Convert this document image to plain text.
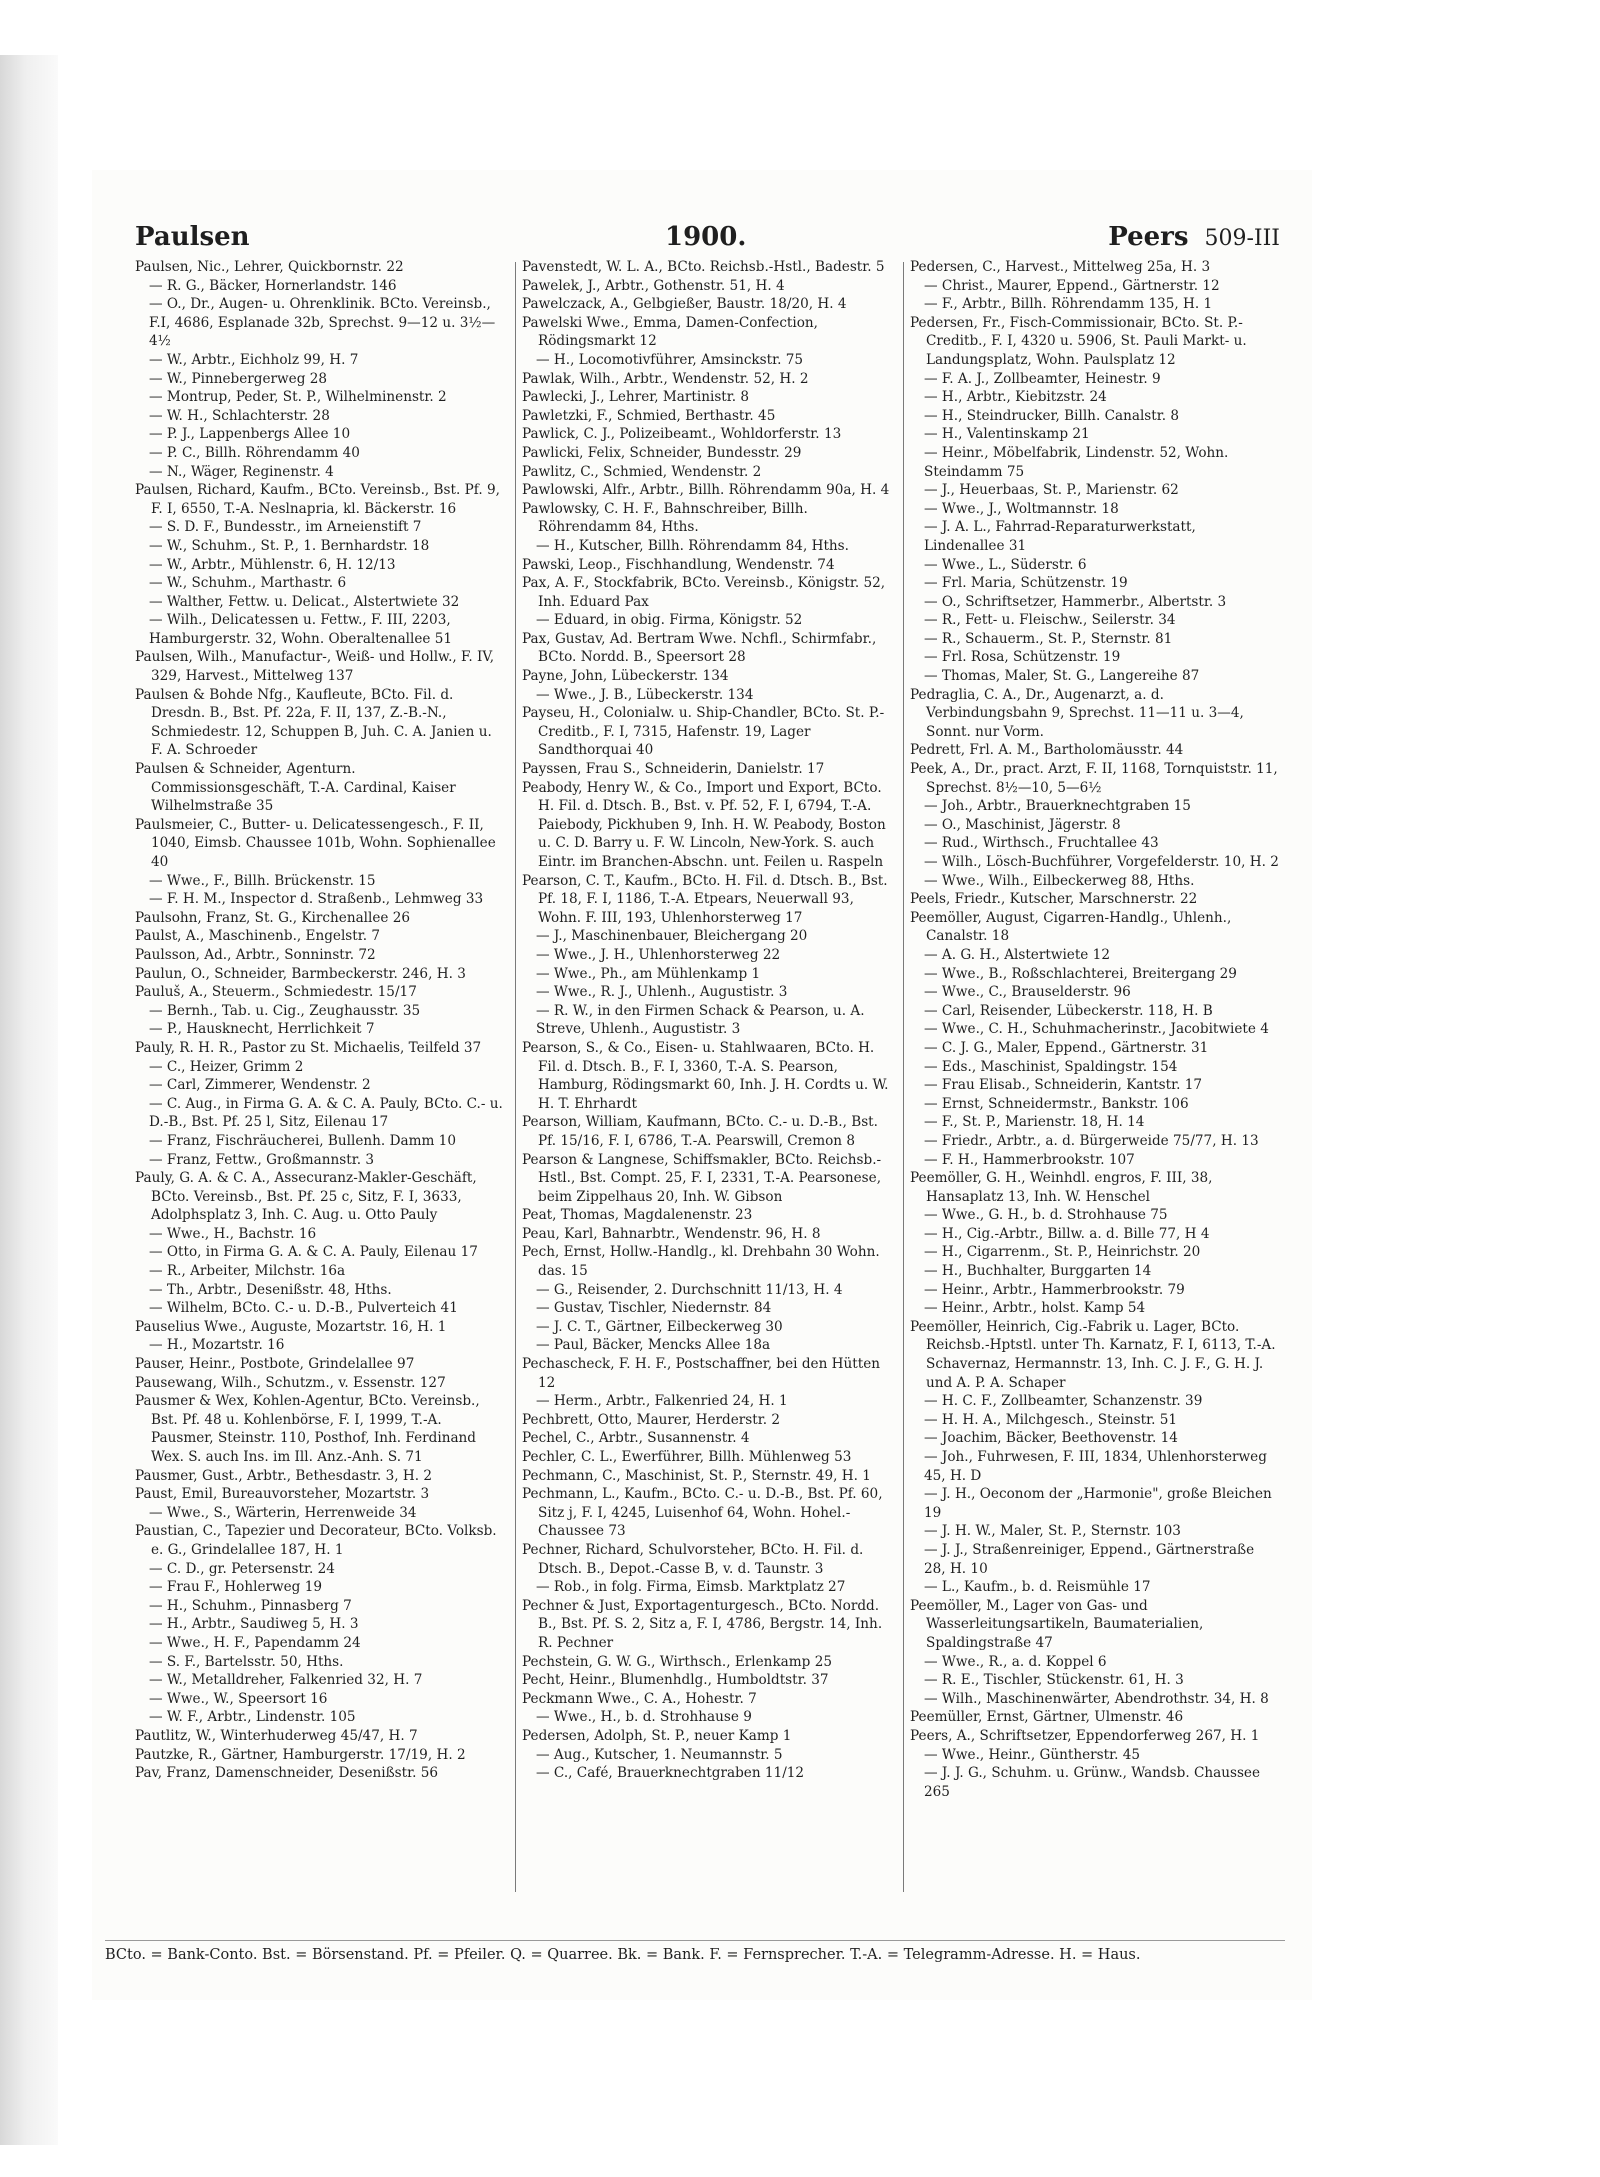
Paulsen	1900.	Peers 509-III

Paulsen, Nic., Lehrer, Quickbornstr. 22

— R. G., Bäcker, Hornerlandstr. 146

— O., Dr., Augen- u. Ohrenklinik. BCto. Vereinsb., F.I, 4686, Esplanade 32b, Sprechst. 9—12 u. 3½—4½

— W., Arbtr., Eichholz 99, H. 7

— W., Pinnebergerweg 28

— Montrup, Peder, St. P., Wilhelminenstr. 2

— W. H., Schlachterstr. 28

— P. J., Lappenbergs Allee 10

— P. C., Billh. Röhrendamm 40

— N., Wäger, Reginenstr. 4

Paulsen, Richard, Kaufm., BCto. Vereinsb., Bst. Pf. 9, F. I, 6550, T.-A. Neslnapria, kl. Bäckerstr. 16

— S. D. F., Bundesstr., im Arneienstift 7

— W., Schuhm., St. P., 1. Bernhardstr. 18

— W., Arbtr., Mühlenstr. 6, H. 12/13

— W., Schuhm., Marthastr. 6

— Walther, Fettw. u. Delicat., Alstertwiete 32

— Wilh., Delicatessen u. Fettw., F. III, 2203, Hamburgerstr. 32, Wohn. Oberaltenallee 51

Paulsen, Wilh., Manufactur-, Weiß- und Hollw., F. IV, 329, Harvest., Mittelweg 137

Paulsen & Bohde Nfg., Kaufleute, BCto. Fil. d. Dresdn. B., Bst. Pf. 22a, F. II, 137, Z.-B.-N., Schmiedestr. 12, Schuppen B, Juh. C. A. Janien u. F. A. Schroeder

Paulsen & Schneider, Agenturn. Commissionsgeschäft, T.-A. Cardinal, Kaiser Wilhelmstraße 35

Paulsmeier, C., Butter- u. Delicatessengesch., F. II, 1040, Eimsb. Chaussee 101b, Wohn. Sophienallee 40

— Wwe., F., Billh. Brückenstr. 15

— F. H. M., Inspector d. Straßenb., Lehmweg 33

Paulsohn, Franz, St. G., Kirchenallee 26

Paulst, A., Maschinenb., Engelstr. 7

Paulsson, Ad., Arbtr., Sonninstr. 72

Paulun, O., Schneider, Barmbeckerstr. 246, H. 3

Pauluš, A., Steuerm., Schmiedestr. 15/17

— Bernh., Tab. u. Cig., Zeughausstr. 35

— P., Hausknecht, Herrlichkeit 7

Pauly, R. H. R., Pastor zu St. Michaelis, Teilfeld 37

— C., Heizer, Grimm 2

— Carl, Zimmerer, Wendenstr. 2

— C. Aug., in Firma G. A. & C. A. Pauly, BCto. C.- u. D.-B., Bst. Pf. 25 l, Sitz, Eilenau 17

— Franz, Fischräucherei, Bullenh. Damm 10

— Franz, Fettw., Großmannstr. 3

Pauly, G. A. & C. A., Assecuranz-Makler-Geschäft, BCto. Vereinsb., Bst. Pf. 25 c, Sitz, F. I, 3633, Adolphsplatz 3, Inh. C. Aug. u. Otto Pauly

— Wwe., H., Bachstr. 16

— Otto, in Firma G. A. & C. A. Pauly, Eilenau 17

— R., Arbeiter, Milchstr. 16a

— Th., Arbtr., Desenißstr. 48, Hths.

— Wilhelm, BCto. C.- u. D.-B., Pulverteich 41

Pauselius Wwe., Auguste, Mozartstr. 16, H. 1

— H., Mozartstr. 16

Pauser, Heinr., Postbote, Grindelallee 97

Pausewang, Wilh., Schutzm., v. Essenstr. 127

Pausmer & Wex, Kohlen-Agentur, BCto. Vereinsb., Bst. Pf. 48 u. Kohlenbörse, F. I, 1999, T.-A. Pausmer, Steinstr. 110, Posthof, Inh. Ferdinand Wex. S. auch Ins. im Ill. Anz.-Anh. S. 71

Pausmer, Gust., Arbtr., Bethesdastr. 3, H. 2

Paust, Emil, Bureauvorsteher, Mozartstr. 3

— Wwe., S., Wärterin, Herrenweide 34

Paustian, C., Tapezier und Decorateur, BCto. Volksb. e. G., Grindelallee 187, H. 1

— C. D., gr. Petersenstr. 24

— Frau F., Hohlerweg 19

— H., Schuhm., Pinnasberg 7

— H., Arbtr., Saudiweg 5, H. 3

— Wwe., H. F., Papendamm 24

— S. F., Bartelsstr. 50, Hths.

— W., Metalldreher, Falkenried 32, H. 7

— Wwe., W., Speersort 16

— W. F., Arbtr., Lindenstr. 105

Pautlitz, W., Winterhuderweg 45/47, H. 7

Pautzke, R., Gärtner, Hamburgerstr. 17/19, H. 2

Pav, Franz, Damenschneider, Desenißstr. 56

Pavenstedt, W. L. A., BCto. Reichsb.-Hstl., Badestr. 5

Pawelek, J., Arbtr., Gothenstr. 51, H. 4

Pawelczack, A., Gelbgießer, Baustr. 18/20, H. 4

Pawelski Wwe., Emma, Damen-Confection, Rödingsmarkt 12

— H., Locomotivführer, Amsinckstr. 75

Pawlak, Wilh., Arbtr., Wendenstr. 52, H. 2

Pawlecki, J., Lehrer, Martinistr. 8

Pawletzki, F., Schmied, Berthastr. 45

Pawlick, C. J., Polizeibeamt., Wohldorferstr. 13

Pawlicki, Felix, Schneider, Bundesstr. 29

Pawlitz, C., Schmied, Wendenstr. 2

Pawlowski, Alfr., Arbtr., Billh. Röhrendamm 90a, H. 4

Pawlowsky, C. H. F., Bahnschreiber, Billh. Röhrendamm 84, Hths.

— H., Kutscher, Billh. Röhrendamm 84, Hths.

Pawski, Leop., Fischhandlung, Wendenstr. 74

Pax, A. F., Stockfabrik, BCto. Vereinsb., Königstr. 52, Inh. Eduard Pax

— Eduard, in obig. Firma, Königstr. 52

Pax, Gustav, Ad. Bertram Wwe. Nchfl., Schirmfabr., BCto. Nordd. B., Speersort 28

Payne, John, Lübeckerstr. 134

— Wwe., J. B., Lübeckerstr. 134

Payseu, H., Colonialw. u. Ship-Chandler, BCto. St. P.-Creditb., F. I, 7315, Hafenstr. 19, Lager Sandthorquai 40

Payssen, Frau S., Schneiderin, Danielstr. 17

Peabody, Henry W., & Co., Import und Export, BCto. H. Fil. d. Dtsch. B., Bst. v. Pf. 52, F. I, 6794, T.-A. Paiebody, Pickhuben 9, Inh. H. W. Peabody, Boston u. C. D. Barry u. F. W. Lincoln, New-York. S. auch Eintr. im Branchen-Abschn. unt. Feilen u. Raspeln

Pearson, C. T., Kaufm., BCto. H. Fil. d. Dtsch. B., Bst. Pf. 18, F. I, 1186, T.-A. Etpears, Neuerwall 93, Wohn. F. III, 193, Uhlenhorsterweg 17

— J., Maschinenbauer, Bleichergang 20

— Wwe., J. H., Uhlenhorsterweg 22

— Wwe., Ph., am Mühlenkamp 1

— Wwe., R. J., Uhlenh., Augustistr. 3

— R. W., in den Firmen Schack & Pearson, u. A. Streve, Uhlenh., Augustistr. 3

Pearson, S., & Co., Eisen- u. Stahlwaaren, BCto. H. Fil. d. Dtsch. B., F. I, 3360, T.-A. S. Pearson, Hamburg, Rödingsmarkt 60, Inh. J. H. Cordts u. W. H. T. Ehrhardt

Pearson, William, Kaufmann, BCto. C.- u. D.-B., Bst. Pf. 15/16, F. I, 6786, T.-A. Pearswill, Cremon 8

Pearson & Langnese, Schiffsmakler, BCto. Reichsb.-Hstl., Bst. Compt. 25, F. I, 2331, T.-A. Pearsonese, beim Zippelhaus 20, Inh. W. Gibson

Peat, Thomas, Magdalenenstr. 23

Peau, Karl, Bahnarbtr., Wendenstr. 96, H. 8

Pech, Ernst, Hollw.-Handlg., kl. Drehbahn 30 Wohn. das. 15

— G., Reisender, 2. Durchschnitt 11/13, H. 4

— Gustav, Tischler, Niedernstr. 84

— J. C. T., Gärtner, Eilbeckerweg 30

— Paul, Bäcker, Mencks Allee 18a

Pechascheck, F. H. F., Postschaffner, bei den Hütten 12

— Herm., Arbtr., Falkenried 24, H. 1

Pechbrett, Otto, Maurer, Herderstr. 2

Pechel, C., Arbtr., Susannenstr. 4

Pechler, C. L., Ewerführer, Billh. Mühlenweg 53

Pechmann, C., Maschinist, St. P., Sternstr. 49, H. 1

Pechmann, L., Kaufm., BCto. C.- u. D.-B., Bst. Pf. 60, Sitz j, F. I, 4245, Luisenhof 64, Wohn. Hohel.-Chaussee 73

Pechner, Richard, Schulvorsteher, BCto. H. Fil. d. Dtsch. B., Depot.-Casse B, v. d. Taunstr. 3

— Rob., in folg. Firma, Eimsb. Marktplatz 27

Pechner & Just, Exportagenturgesch., BCto. Nordd. B., Bst. Pf. S. 2, Sitz a, F. I, 4786, Bergstr. 14, Inh. R. Pechner

Pechstein, G. W. G., Wirthsch., Erlenkamp 25

Pecht, Heinr., Blumenhdlg., Humboldtstr. 37

Peckmann Wwe., C. A., Hohestr. 7

— Wwe., H., b. d. Strohhause 9

Pedersen, Adolph, St. P., neuer Kamp 1

— Aug., Kutscher, 1. Neumannstr. 5

— C., Café, Brauerknechtgraben 11/12

Pedersen, C., Harvest., Mittelweg 25a, H. 3

— Christ., Maurer, Eppend., Gärtnerstr. 12

— F., Arbtr., Billh. Röhrendamm 135, H. 1

Pedersen, Fr., Fisch-Commissionair, BCto. St. P.-Creditb., F. I, 4320 u. 5906, St. Pauli Markt- u. Landungsplatz, Wohn. Paulsplatz 12

— F. A. J., Zollbeamter, Heinestr. 9

— H., Arbtr., Kiebitzstr. 24

— H., Steindrucker, Billh. Canalstr. 8

— H., Valentinskamp 21

— Heinr., Möbelfabrik, Lindenstr. 52, Wohn. Steindamm 75

— J., Heuerbaas, St. P., Marienstr. 62

— Wwe., J., Woltmannstr. 18

— J. A. L., Fahrrad-Reparaturwerkstatt, Lindenallee 31

— Wwe., L., Süderstr. 6

— Frl. Maria, Schützenstr. 19

— O., Schriftsetzer, Hammerbr., Albertstr. 3

— R., Fett- u. Fleischw., Seilerstr. 34

— R., Schauerm., St. P., Sternstr. 81

— Frl. Rosa, Schützenstr. 19

— Thomas, Maler, St. G., Langereihe 87

Pedraglia, C. A., Dr., Augenarzt, a. d. Verbindungsbahn 9, Sprechst. 11—11 u. 3—4, Sonnt. nur Vorm.

Pedrett, Frl. A. M., Bartholomäusstr. 44

Peek, A., Dr., pract. Arzt, F. II, 1168, Tornquiststr. 11, Sprechst. 8½—10, 5—6½

— Joh., Arbtr., Brauerknechtgraben 15

— O., Maschinist, Jägerstr. 8

— Rud., Wirthsch., Fruchtallee 43

— Wilh., Lösch-Buchführer, Vorgefelderstr. 10, H. 2

— Wwe., Wilh., Eilbeckerweg 88, Hths.

Peels, Friedr., Kutscher, Marschnerstr. 22

Peemöller, August, Cigarren-Handlg., Uhlenh., Canalstr. 18

— A. G. H., Alstertwiete 12

— Wwe., B., Roßschlachterei, Breitergang 29

— Wwe., C., Brauselderstr. 96

— Carl, Reisender, Lübeckerstr. 118, H. B

— Wwe., C. H., Schuhmacherinstr., Jacobitwiete 4

— C. J. G., Maler, Eppend., Gärtnerstr. 31

— Eds., Maschinist, Spaldingstr. 154

— Frau Elisab., Schneiderin, Kantstr. 17

— Ernst, Schneidermstr., Bankstr. 106

— F., St. P., Marienstr. 18, H. 14

— Friedr., Arbtr., a. d. Bürgerweide 75/77, H. 13

— F. H., Hammerbrookstr. 107

Peemöller, G. H., Weinhdl. engros, F. III, 38, Hansaplatz 13, Inh. W. Henschel

— Wwe., G. H., b. d. Strohhause 75

— H., Cig.-Arbtr., Billw. a. d. Bille 77, H 4

— H., Cigarrenm., St. P., Heinrichstr. 20

— H., Buchhalter, Burggarten 14

— Heinr., Arbtr., Hammerbrookstr. 79

— Heinr., Arbtr., holst. Kamp 54

Peemöller, Heinrich, Cig.-Fabrik u. Lager, BCto. Reichsb.-Hptstl. unter Th. Karnatz, F. I, 6113, T.-A. Schavernaz, Hermannstr. 13, Inh. C. J. F., G. H. J. und A. P. A. Schaper

— H. C. F., Zollbeamter, Schanzenstr. 39

— H. H. A., Milchgesch., Steinstr. 51

— Joachim, Bäcker, Beethovenstr. 14

— Joh., Fuhrwesen, F. III, 1834, Uhlenhorsterweg 45, H. D

— J. H., Oeconom der „Harmonie", große Bleichen 19

— J. H. W., Maler, St. P., Sternstr. 103

— J. J., Straßenreiniger, Eppend., Gärtnerstraße 28, H. 10

— L., Kaufm., b. d. Reismühle 17

Peemöller, M., Lager von Gas- und Wasserleitungsartikeln, Baumaterialien, Spaldingstraße 47

— Wwe., R., a. d. Koppel 6

— R. E., Tischler, Stückenstr. 61, H. 3

— Wilh., Maschinenwärter, Abendrothstr. 34, H. 8

Peemüller, Ernst, Gärtner, Ulmenstr. 46

Peers, A., Schriftsetzer, Eppendorferweg 267, H. 1

— Wwe., Heinr., Güntherstr. 45

— J. J. G., Schuhm. u. Grünw., Wandsb. Chaussee 265

BCto. = Bank-Conto. Bst. = Börsenstand. Pf. = Pfeiler. Q. = Quarree. Bk. = Bank. F. = Fernsprecher. T.-A. = Telegramm-Adresse. H. = Haus.
